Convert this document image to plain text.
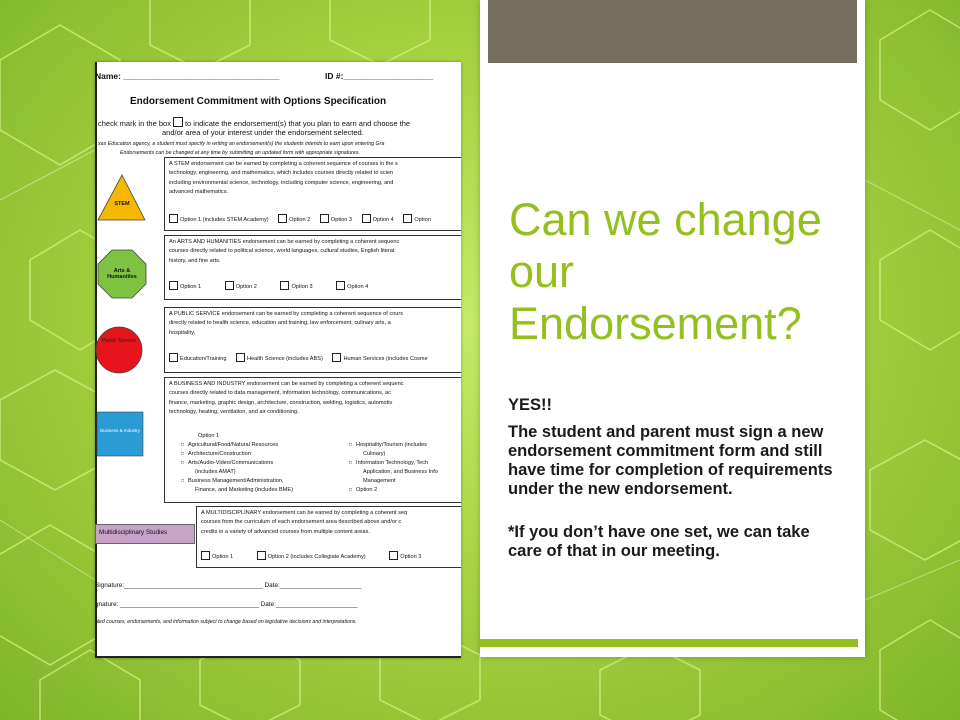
Name: _________________________________	ID #:___________________
Endorsement Commitment with Options Specification
check mark in the box to indicate the endorsement(s) that you plan to earn and choose the
and/or area of your interest under the endorsement selected.
xas Education agency, a student must specify in writing an endorsement(s) the students intends to earn upon entering Gra
Endorsements can be changed at any time by submitting an updated form with appropriate signatures.
STEM
Arts & Humanities
Public Service
Business & Industry
Multidisciplinary Studies
A STEM endorsement can be earned by completing a coherent sequence of courses in the s
technology, engineering, and mathematics, which includes courses directly related to scien
including environmental science, technology, including computer science, engineering, and
advanced mathematics.
Option 1 (includes STEM Academy)	Option 2	Option 3	Option 4	Option
An ARTS AND HUMANITIES endorsement can be earned by completing a coherent sequenc
courses directly related to political science, world languages, cultural studies, English literat
history, and fine arts.
Option 1	Option 2	Option 3	Option 4
A PUBLIC SERVICE endorsement can be earned by completing a coherent sequence of cours
directly related to health science, education and training, law enforcement, culinary arts, a
hospitality.
Education/Training	Health Science (includes ABS)	Human Services (includes Cosme
A BUSINESS AND INDUSTRY endorsement can be earned by completing a coherent sequenc
courses directly related to data management, information technology, communications, ac
finance, marketing, graphic design, architecture, construction, welding, logistics, automotiv
technology, heating, ventilation, and air conditioning.
Option 1
□ Agricultural/Food/Natural Resources
□ Architecture/Construction
□ Arts/Audio-Video/Communications
(includes AMAT)
□ Business Management/Administration,
Finance, and Marketing (includes BME)
□ Hospitality/Tourism (includes
Culinary)
□ Information Technology, Tech
Application, and Business Info
Management
□ Option 2
A MULTIDISCIPLINARY endorsement can be earned by completing a coherent seq
courses from the curriculum of each endorsement area described above and/or c
credits in a variety of advanced courses from multiple content areas.
Option 1	Option 2 (includes Collegiate Academy)	Option 3
Signature:_______________________________________ Date:_______________________
gnature: _______________________________________ Date:_______________________
aled courses, endorsements, and information subject to change based on legislative decisions and interpretations.
Can we change our Endorsement?

YES!!

The student and parent must sign a new endorsement commitment form and still have time for completion of requirements under the new endorsement.

*If you don’t have one set, we can take care of that in our meeting.
